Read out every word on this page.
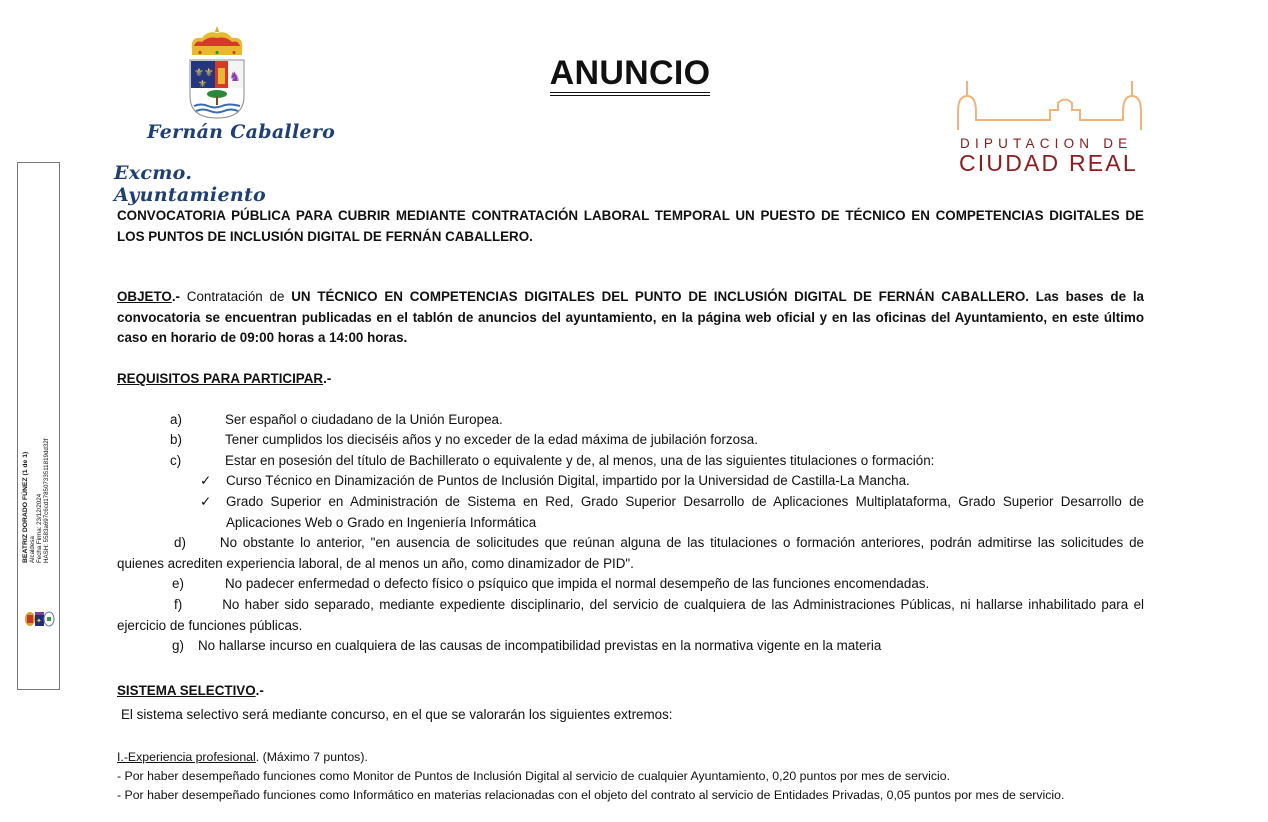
BEATRIZ DORADO FÚNEZ (1 de 1) Alcaldesa Fecha Firma: 23/12/2024 HASH: 5583a697c6cd17850733511819dd32f
✦
⚜⚜
⚜
♞
Fernán Caballero
Excmo. Ayuntamiento
ANUNCIO
DIPUTACION DE
CIUDAD REAL
CONVOCATORIA PÚBLICA PARA CUBRIR MEDIANTE CONTRATACIÓN LABORAL TEMPORAL UN PUESTO DE TÉCNICO EN COMPETENCIAS DIGITALES DE LOS PUNTOS DE INCLUSIÓN DIGITAL DE FERNÁN CABALLERO.
OBJETO.- Contratación de UN TÉCNICO EN COMPETENCIAS DIGITALES DEL PUNTO DE INCLUSIÓN DIGITAL DE FERNÁN CABALLERO. Las bases de la convocatoria se encuentran publicadas en el tablón de anuncios del ayuntamiento, en la página web oficial y en las oficinas del Ayuntamiento, en este último caso en horario de 09:00 horas a 14:00 horas.
REQUISITOS PARA PARTICIPAR.-
a)	Ser español o ciudadano de la Unión Europea.
b)	Tener cumplidos los dieciséis años y no exceder de la edad máxima de jubilación forzosa.
c)	Estar en posesión del título de Bachillerato o equivalente y de, al menos, una de las siguientes titulaciones o formación:
✓ Curso Técnico en Dinamización de Puntos de Inclusión Digital, impartido por la Universidad de Castilla-La Mancha.
✓ Grado Superior en Administración de Sistema en Red, Grado Superior Desarrollo de Aplicaciones Multiplataforma, Grado Superior Desarrollo de Aplicaciones Web o Grado en Ingeniería Informática
d)	No obstante lo anterior, "en ausencia de solicitudes que reúnan alguna de las titulaciones o formación anteriores, podrán admitirse las solicitudes de quienes acrediten experiencia laboral, de al menos un año, como dinamizador de PID".
e)	No padecer enfermedad o defecto físico o psíquico que impida el normal desempeño de las funciones encomendadas.
f)	No haber sido separado, mediante expediente disciplinario, del servicio de cualquiera de las Administraciones Públicas, ni hallarse inhabilitado para el ejercicio de funciones públicas.
g) No hallarse incurso en cualquiera de las causas de incompatibilidad previstas en la normativa vigente en la materia
SISTEMA SELECTIVO.-
El sistema selectivo será mediante concurso, en el que se valorarán los siguientes extremos:
I.-Experiencia profesional. (Máximo 7 puntos).
- Por haber desempeñado funciones como Monitor de Puntos de Inclusión Digital al servicio de cualquier Ayuntamiento, 0,20 puntos por mes de servicio.
- Por haber desempeñado funciones como Informático en materias relacionadas con el objeto del contrato al servicio de Entidades Privadas, 0,05 puntos por mes de servicio.
